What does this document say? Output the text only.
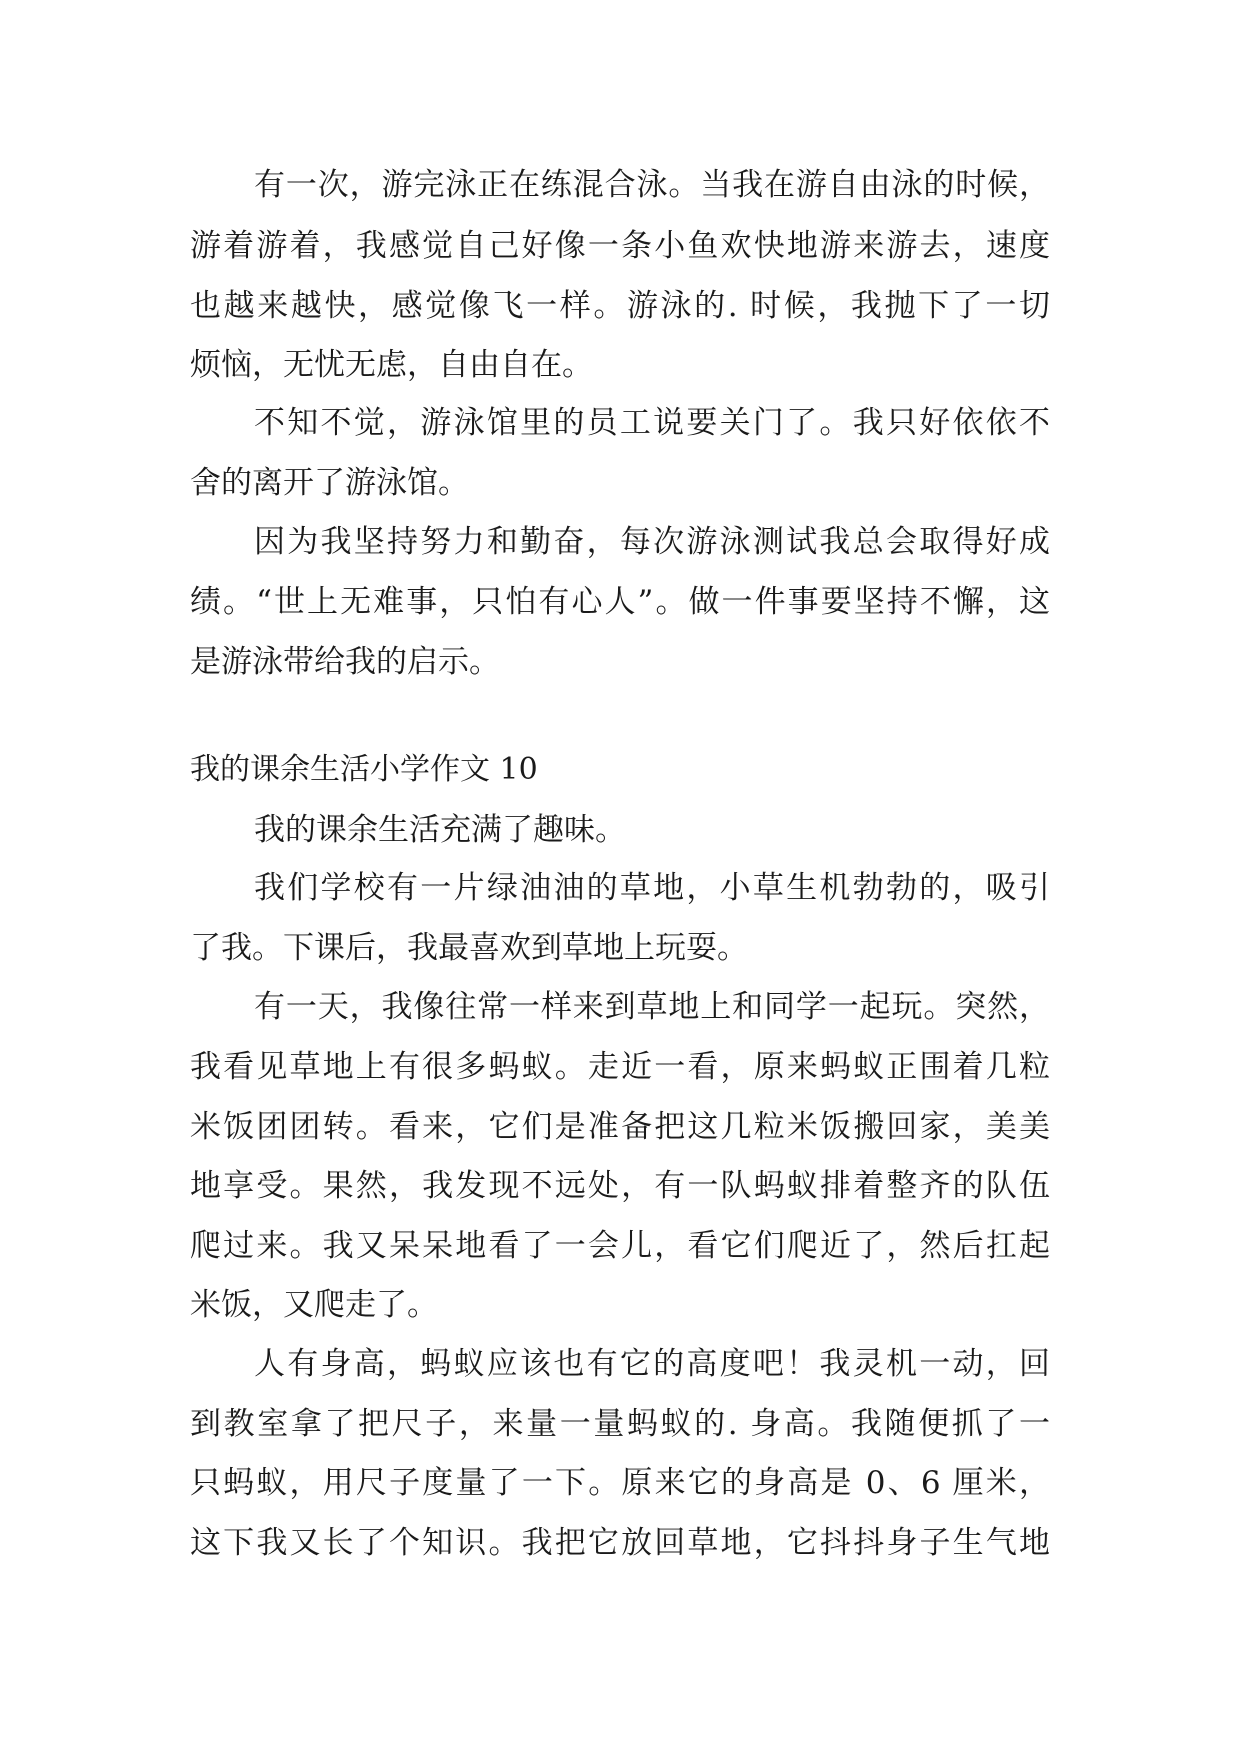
有一次，游完泳正在练混合泳。当我在游自由泳的时候，

游着游着，我感觉自己好像一条小鱼欢快地游来游去，速度

也越来越快，感觉像飞一样。游泳的. 时候，我抛下了一切

烦恼，无忧无虑，自由自在。

不知不觉，游泳馆里的员工说要关门了。我只好依依不

舍的离开了游泳馆。

因为我坚持努力和勤奋，每次游泳测试我总会取得好成

绩。“世上无难事，只怕有心人”。做一件事要坚持不懈，这

是游泳带给我的启示。

我的课余生活小学作文 10

我的课余生活充满了趣味。

我们学校有一片绿油油的草地，小草生机勃勃的，吸引

了我。下课后，我最喜欢到草地上玩耍。

有一天，我像往常一样来到草地上和同学一起玩。突然，

我看见草地上有很多蚂蚁。走近一看，原来蚂蚁正围着几粒

米饭团团转。看来，它们是准备把这几粒米饭搬回家，美美

地享受。果然，我发现不远处，有一队蚂蚁排着整齐的队伍

爬过来。我又呆呆地看了一会儿，看它们爬近了，然后扛起

米饭，又爬走了。

人有身高，蚂蚁应该也有它的高度吧！我灵机一动，回

到教室拿了把尺子，来量一量蚂蚁的. 身高。我随便抓了一

只蚂蚁，用尺子度量了一下。原来它的身高是 0、6 厘米，

这下我又长了个知识。我把它放回草地，它抖抖身子生气地
